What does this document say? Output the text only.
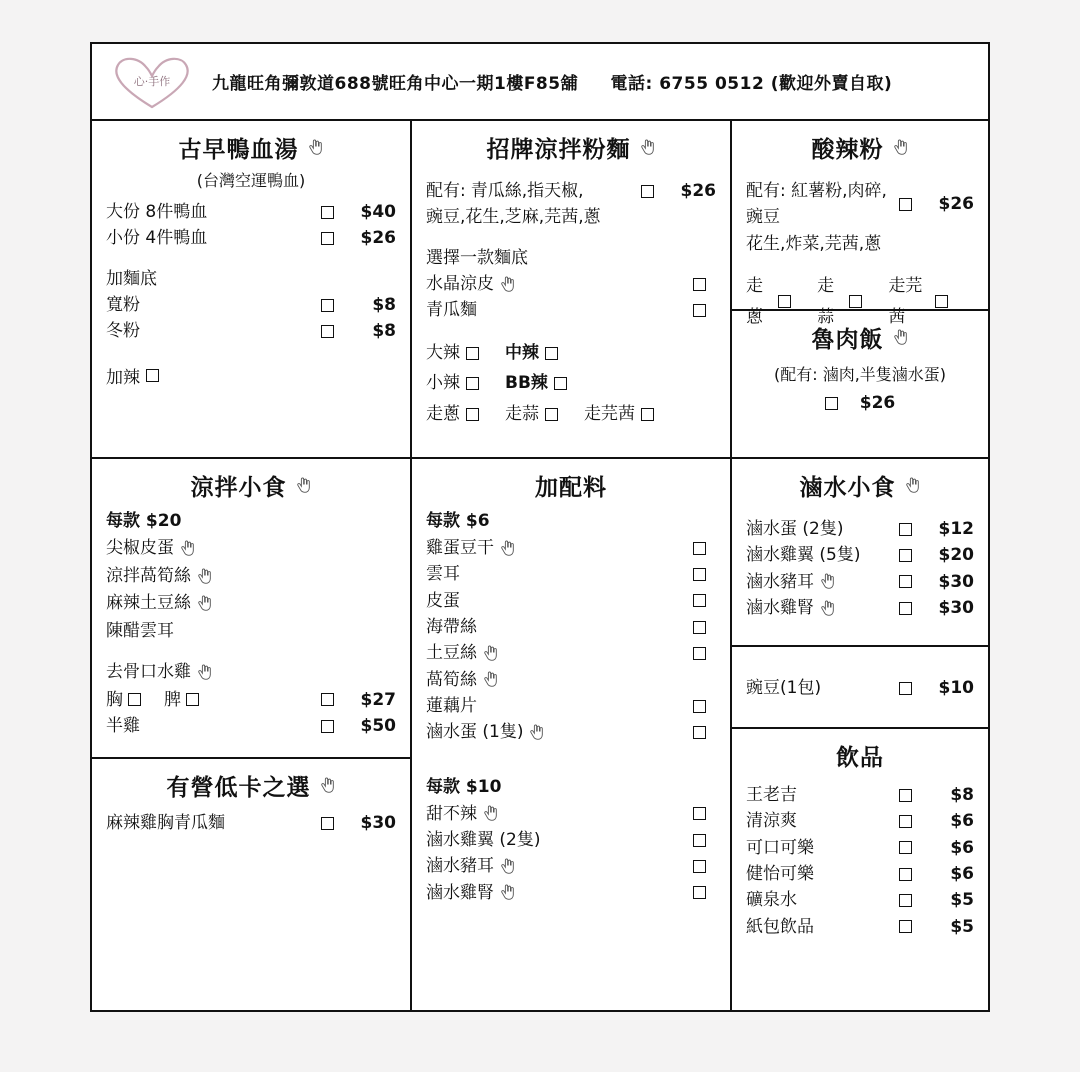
心·手作 九龍旺角彌敦道688號旺角中心一期1樓F85舖 電話: 6755 0512 (歡迎外賣自取)
古早鴨血湯
(台灣空運鴨血)
大份 8件鴨血	$40
小份 4件鴨血	$26
加麵底
寬粉	$8
冬粉	$8
加辣
涼拌小食
每款 $20
尖椒皮蛋
涼拌萵筍絲
麻辣土豆絲
陳醋雲耳
去骨口水雞
胸 脾	$27
半雞	$50
有營低卡之選
麻辣雞胸青瓜麵	$30
招牌涼拌粉麵
配有: 青瓜絲,指天椒,	$26
豌豆,花生,芝麻,芫茜,蔥
選擇一款麵底
水晶涼皮
青瓜麵
大辣	中辣
小辣	BB辣
走蔥	走蒜	走芫茜
加配料
每款 $6
雞蛋豆干
雲耳
皮蛋
海帶絲
土豆絲
萵筍絲
蓮藕片
滷水蛋 (1隻)
每款 $10
甜不辣
滷水雞翼 (2隻)
滷水豬耳
滷水雞腎
酸辣粉
配有: 紅薯粉,肉碎,豌豆
$26
花生,炸菜,芫茜,蔥
走蔥
走蒜
走芫茜
魯肉飯
(配有: 滷肉,半隻滷水蛋)
$26
滷水小食
滷水蛋 (2隻)	$12
滷水雞翼 (5隻)	$20
滷水豬耳	$30
滷水雞腎	$30
豌豆(1包)	$10
飲品
王老吉	$8
清涼爽	$6
可口可樂	$6
健怡可樂	$6
礦泉水	$5
紙包飲品	$5
